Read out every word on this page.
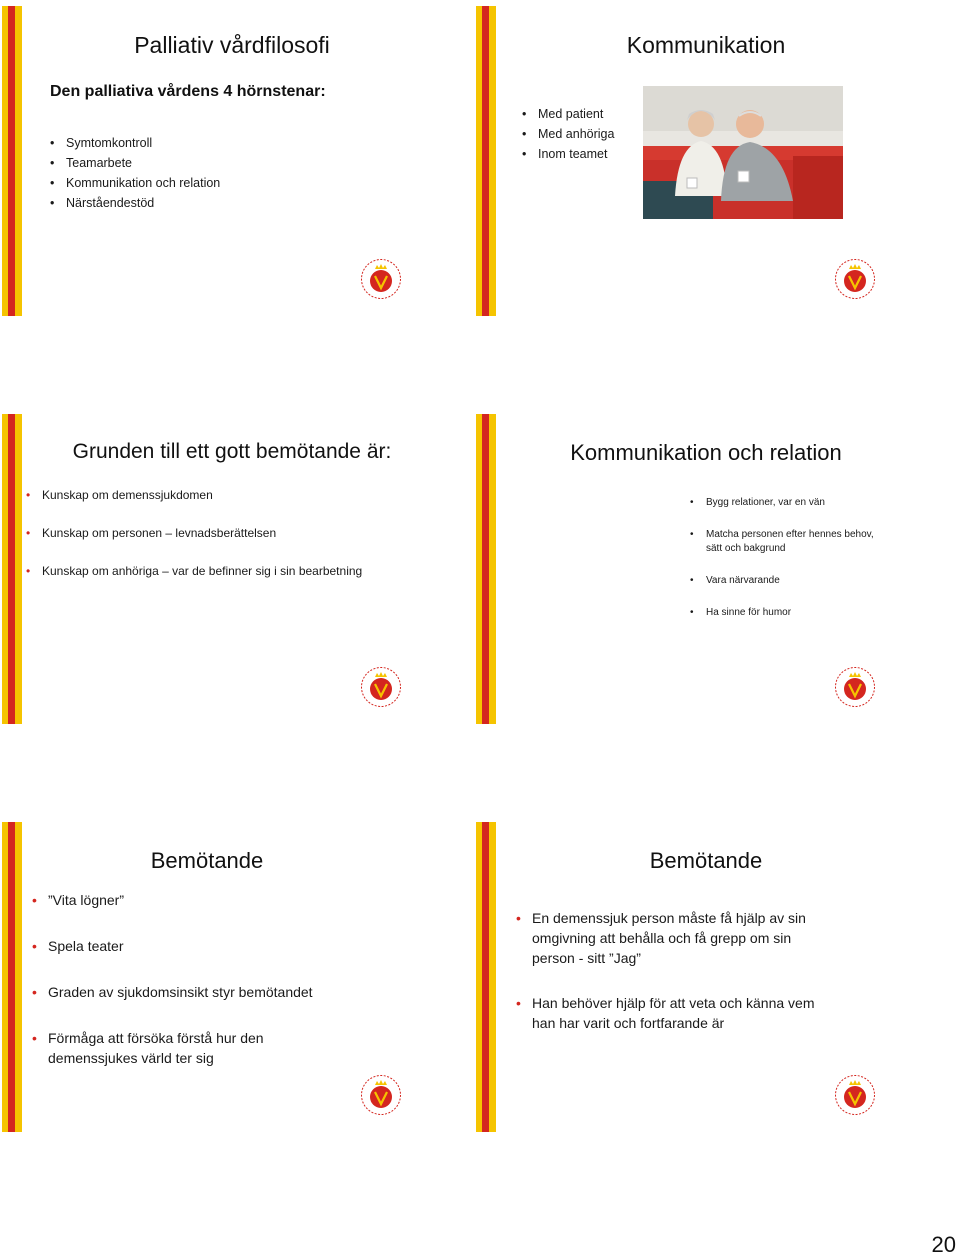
Palliativ vårdfilosofi
Den palliativa vårdens 4 hörnstenar:
• Symtomkontroll
• Teamarbete
• Kommunikation och relation
• Närståendestöd
Kommunikation
• Med patient
• Med anhöriga
• Inom teamet
Grunden till ett gott bemötande är:
• Kunskap om demenssjukdomen
• Kunskap om personen – levnadsberättelsen
• Kunskap om anhöriga – var de befinner sig i sin bearbetning
Kommunikation och relation
• Bygg relationer, var en vän
• Matcha personen efter hennes behov, sätt och bakgrund
• Vara närvarande
• Ha sinne för humor
Bemötande
• ”Vita lögner”
• Spela teater
• Graden av sjukdomsinsikt styr bemötandet
• Förmåga att försöka förstå hur den demenssjukes värld ter sig
Bemötande
• En demenssjuk person måste få hjälp av sin omgivning att behålla och få grepp om sin person - sitt ”Jag”
• Han behöver hjälp för att veta och känna vem han har varit och fortfarande är
20
